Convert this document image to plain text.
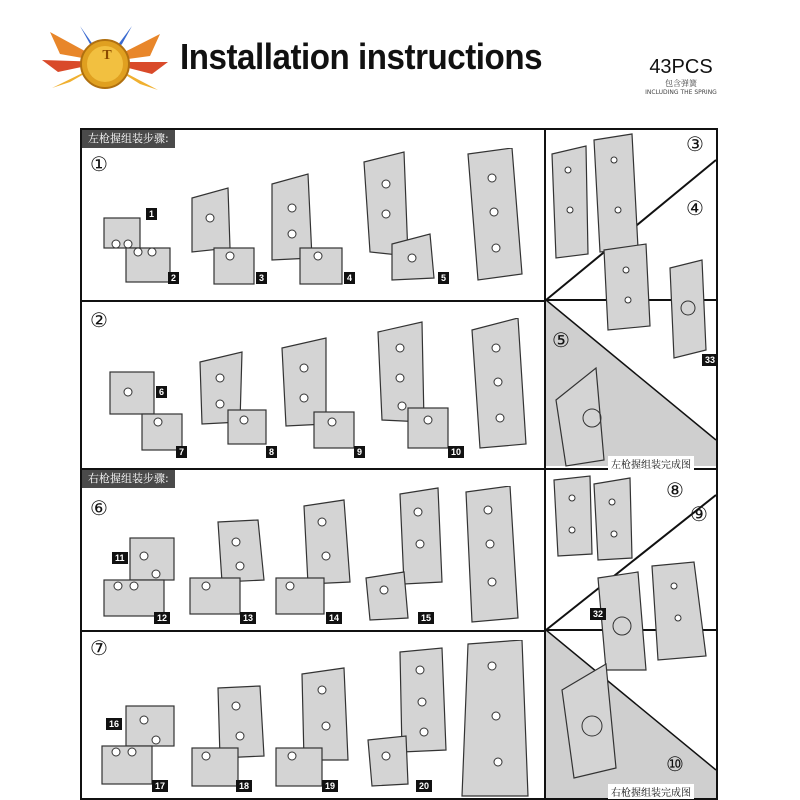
T Installation instructions	43PCS
包含弹簧
INCLUDING THE SPRING
左枪握组装步骤:
右枪握组装步骤:
①
②
③
④
⑤
⑥
⑦
⑧
⑨
⑩
1
2	3	4	5
6
7	8	9	10
11
12	13	14	15
16
17	18	19	20
32
33
左枪握组装完成图
右枪握组装完成图
